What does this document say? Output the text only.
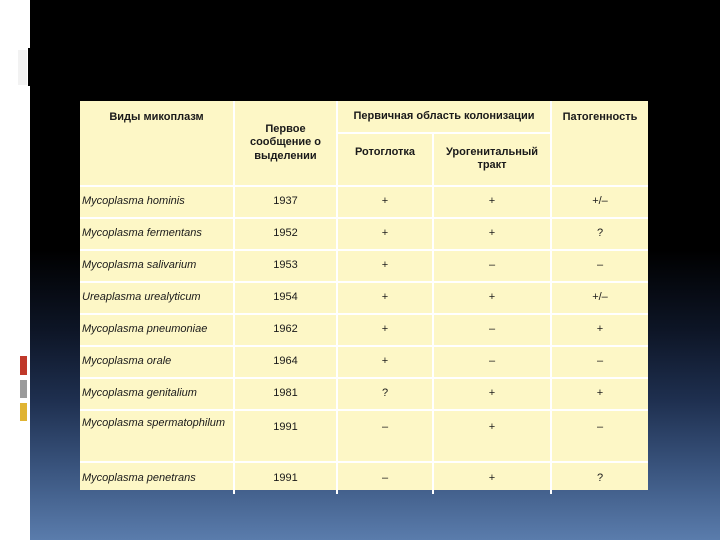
Виды микоплазм	Первое сообщение о выделении	Первичная область колонизации		Патогенность
		Ротоглотка	Урогенитальный тракт	
Mycoplasma hominis	1937	+	+	+/–
Mycoplasma fermentans	1952	+	+	?
Mycoplasma salivarium	1953	+	–	–
Ureaplasma urealyticum	1954	+	+	+/–
Mycoplasma pneumoniae	1962	+	–	+
Mycoplasma orale	1964	+	–	–
Mycoplasma genitalium	1981	?	+	+
Mycoplasma spermatophilum	1991	–	+	–
Mycoplasma penetrans	1991	–	+	?
